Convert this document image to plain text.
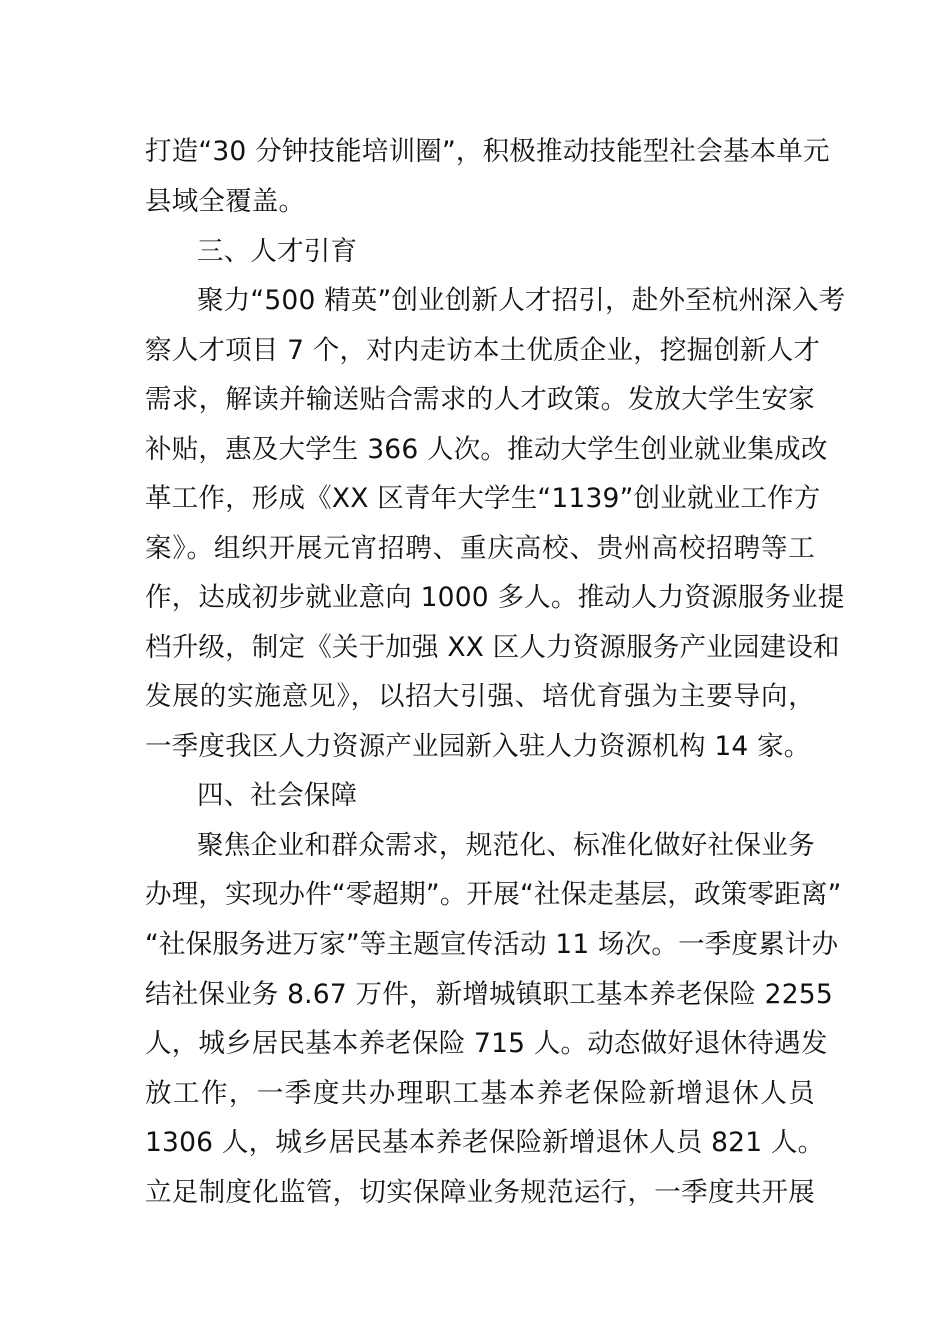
打造“30 分钟技能培训圈”，积极推动技能型社会基本单元
县域全覆盖。
三、人才引育
聚力“500 精英”创业创新人才招引，赴外至杭州深入考
察人才项目 7 个，对内走访本土优质企业，挖掘创新人才
需求，解读并输送贴合需求的人才政策。发放大学生安家
补贴，惠及大学生 366 人次。推动大学生创业就业集成改
革工作，形成《XX 区青年大学生“1139”创业就业工作方
案》。组织开展元宵招聘、重庆高校、贵州高校招聘等工
作，达成初步就业意向 1000 多人。推动人力资源服务业提
档升级，制定《关于加强 XX 区人力资源服务产业园建设和
发展的实施意见》，以招大引强、培优育强为主要导向，
一季度我区人力资源产业园新入驻人力资源机构 14 家。
四、社会保障
聚焦企业和群众需求，规范化、标准化做好社保业务
办理，实现办件“零超期”。开展“社保走基层，政策零距离”
“社保服务进万家”等主题宣传活动 11 场次。一季度累计办
结社保业务 8.67 万件，新增城镇职工基本养老保险 2255
人，城乡居民基本养老保险 715 人。动态做好退休待遇发
放工作，一季度共办理职工基本养老保险新增退休人员
1306 人，城乡居民基本养老保险新增退休人员 821 人。
立足制度化监管，切实保障业务规范运行，一季度共开展
